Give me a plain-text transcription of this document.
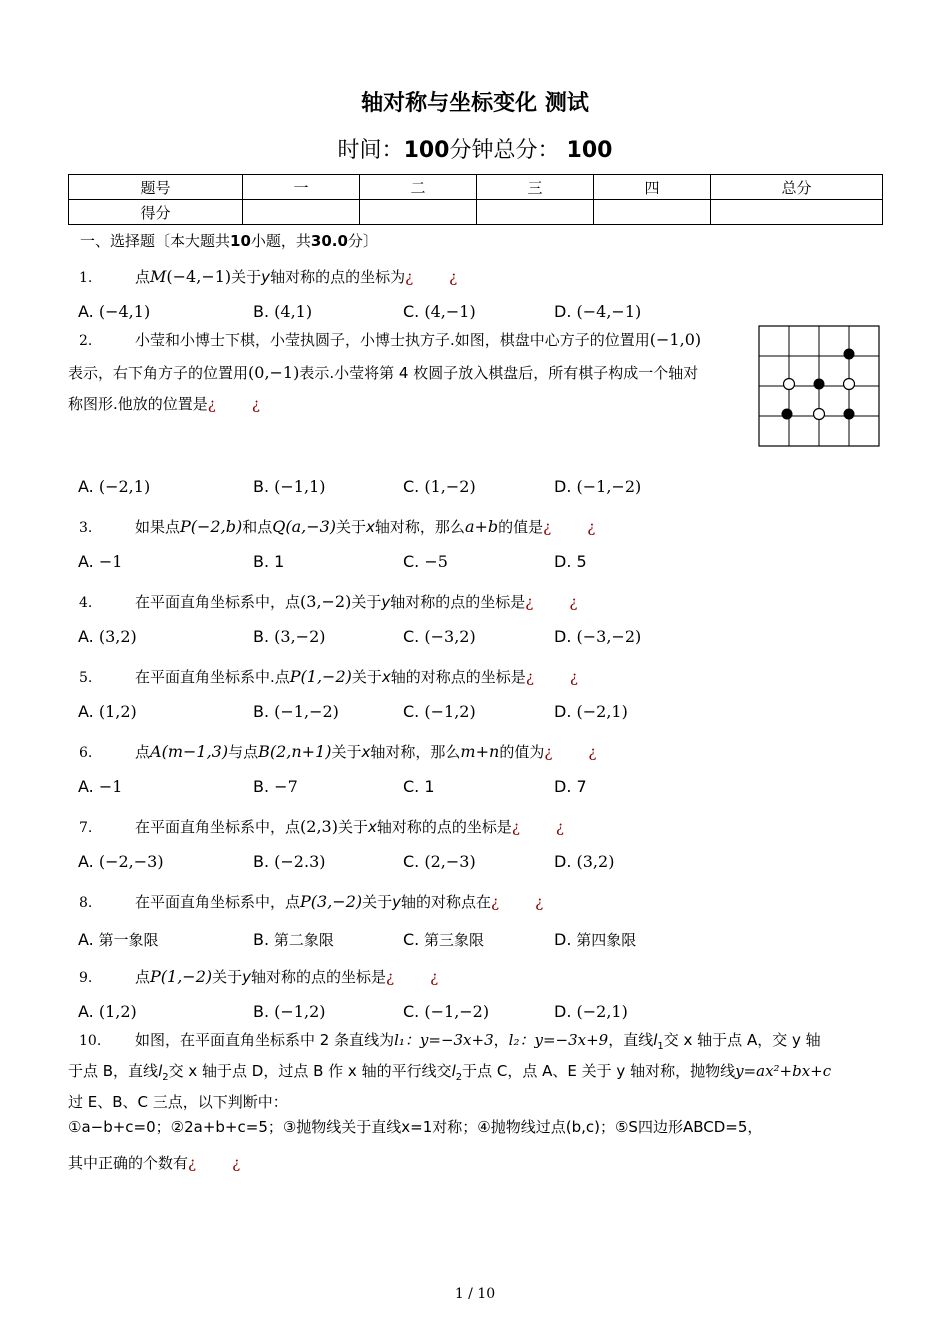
轴对称与坐标变化 测试
时间：100分钟总分： 100
题号	一	二	三	四	总分
得分					
一、选择题〔本大题共10小题，共30.0分〕
1.	点M(−4,−1)关于y轴对称的点的坐标为¿ ¿
A. (−4,1)	B. (4,1)	C. (4,−1)	D. (−4,−1)
2.	小莹和小博士下棋，小莹执圆子，小博士执方子.如图，棋盘中心方子的位置用(−1,0)
表示，右下角方子的位置用(0,−1)表示.小莹将第 4 枚圆子放入棋盘后，所有棋子构成一个轴对
称图形.他放的位置是¿ ¿
A. (−2,1)	B. (−1,1)	C. (1,−2)	D. (−1,−2)
3.	如果点P(−2,b)和点Q(a,−3)关于x轴对称，那么a+b的值是¿ ¿
A. −1	B. 1	C. −5	D. 5
4.	在平面直角坐标系中，点(3,−2)关于y轴对称的点的坐标是¿ ¿
A. (3,2)	B. (3,−2)	C. (−3,2)	D. (−3,−2)
5.	在平面直角坐标系中.点P(1,−2)关于x轴的对称点的坐标是¿ ¿
A. (1,2)	B. (−1,−2)	C. (−1,2)	D. (−2,1)
6.	点A(m−1,3)与点B(2,n+1)关于x轴对称，那么m+n的值为¿ ¿
A. −1	B. −7	C. 1	D. 7
7.	在平面直角坐标系中，点(2,3)关于x轴对称的点的坐标是¿ ¿
A. (−2,−3)	B. (−2.3)	C. (2,−3)	D. (3,2)
8.	在平面直角坐标系中，点P(3,−2)关于y轴的对称点在¿ ¿
A. 第一象限	B. 第二象限	C. 第三象限	D. 第四象限
9.	点P(1,−2)关于y轴对称的点的坐标是¿ ¿
A. (1,2)	B. (−1,2)	C. (−1,−2)	D. (−2,1)
10. 如图，在平面直角坐标系中 2 条直线为l₁：y=−3x+3，l₂：y=−3x+9，直线$l_1$交 x 轴于点 A，交 y 轴
于点 B，直线$l_2$交 x 轴于点 D，过点 B 作 x 轴的平行线交$l_2$于点 C，点 A、E 关于 y 轴对称，抛物线y=ax²+bx+c
过 E、B、C 三点，以下判断中：
①a−b+c=0；②2a+b+c=5；③抛物线关于直线x=1对称；④抛物线过点(b,c)；⑤S四边形ABCD=5，
其中正确的个数有¿ ¿
1 / 10
